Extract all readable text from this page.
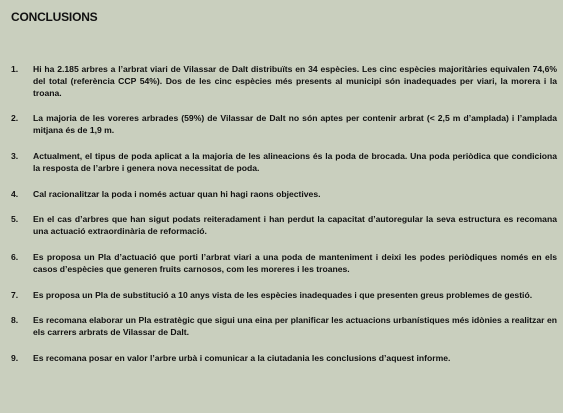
CONCLUSIONS
1.	Hi ha 2.185 arbres a l’arbrat viari de Vilassar de Dalt distribuïts en 34 espècies. Les cinc espècies majoritàries equivalen 74,6% del total (referència CCP 54%). Dos de les cinc espècies més presents al municipi són inadequades per viari, la morera i la troana.
2.	La majoria de les voreres arbrades (59%) de Vilassar de Dalt no són aptes per contenir arbrat (< 2,5 m d’amplada) i l’amplada mitjana és de 1,9 m.
3.	Actualment, el tipus de poda aplicat a la majoria de les alineacions és la poda de brocada. Una poda periòdica que condiciona la resposta de l’arbre i genera nova necessitat de poda.
4.	Cal racionalitzar la poda i només actuar quan hi hagi raons objectives.
5.	En el cas d’arbres que han sigut podats reiteradament i han perdut la capacitat d’autoregular la seva estructura es recomana una actuació extraordinària de reformació.
6.	Es proposa un Pla d’actuació que porti l’arbrat viari a una poda de manteniment i deixi les podes periòdiques només en els casos d’espècies que generen fruits carnosos, com les moreres i les troanes.
7.	Es proposa un Pla de substitució a 10 anys vista de les espècies inadequades i que presenten greus problemes de gestió.
8.	Es recomana elaborar un Pla estratègic que sigui una eina per planificar les actuacions urbanístiques més idònies a realitzar en els carrers arbrats de Vilassar de Dalt.
9.	Es recomana posar en valor l’arbre urbà i comunicar a la ciutadania les conclusions d’aquest informe.
